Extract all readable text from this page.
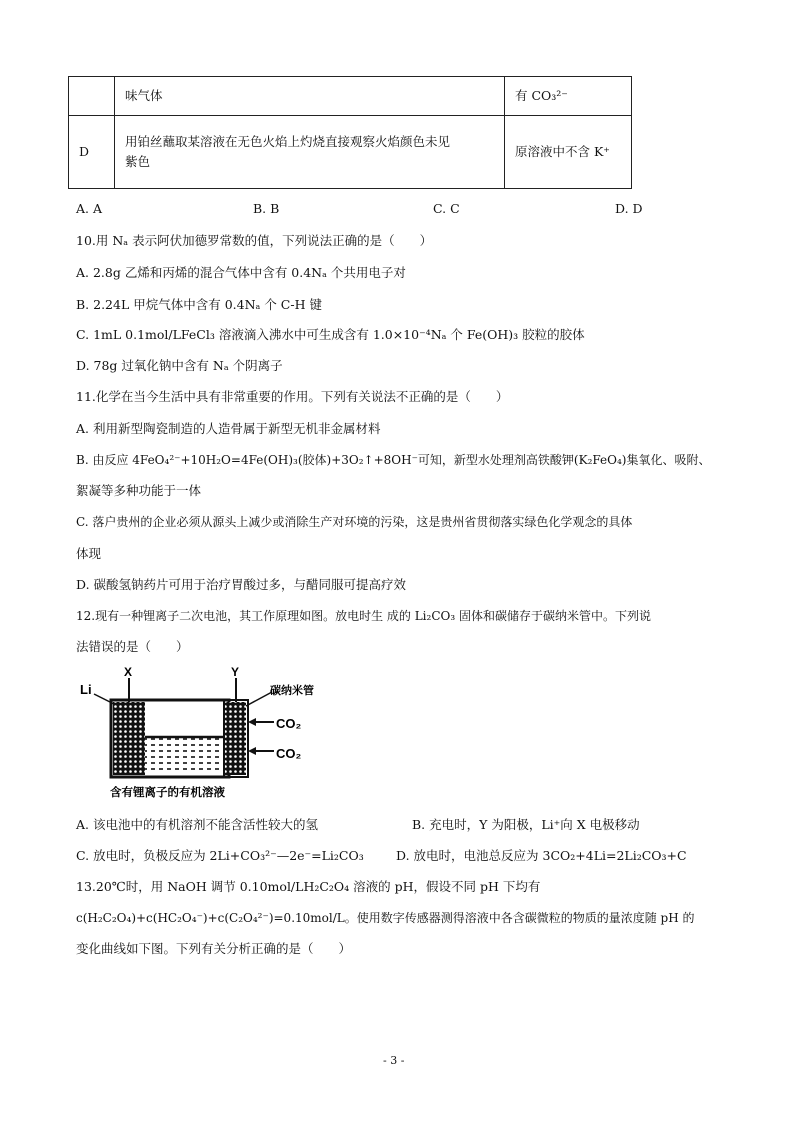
	味气体	有 CO₃²⁻
D	用铂丝蘸取某溶液在无色火焰上灼烧直接观察火焰颜色未见
紫色	原溶液中不含 K⁺
A. A	B. B	C. C	D. D
10.用 Nₐ 表示阿伏加德罗常数的值，下列说法正确的是（　　）
A. 2.8g 乙烯和丙烯的混合气体中含有 0.4Nₐ 个共用电子对
B. 2.24L 甲烷气体中含有 0.4Nₐ 个 C-H 键
C. 1mL 0.1mol/LFeCl₃ 溶液滴入沸水中可生成含有 1.0×10⁻⁴Nₐ 个 Fe(OH)₃ 胶粒的胶体
D. 78g 过氧化钠中含有 Nₐ 个阴离子
11.化学在当今生活中具有非常重要的作用。下列有关说法不正确的是（　　）
A. 利用新型陶瓷制造的人造骨属于新型无机非金属材料
B. 由反应 4FeO₄²⁻+10H₂O=4Fe(OH)₃(胶体)+3O₂↑+8OH⁻可知，新型水处理剂高铁酸钾(K₂FeO₄)集氧化、吸附、
絮凝等多种功能于一体
C. 落户贵州的企业必须从源头上减少或消除生产对环境的污染，这是贵州省贯彻落实绿色化学观念的具体
体现
D. 碳酸氢钠药片可用于治疗胃酸过多，与醋同服可提高疗效
12.现有一种锂离子二次电池，其工作原理如图。放电时生 成的 Li₂CO₃ 固体和碳储存于碳纳米管中。下列说
法错误的是（　　）
Li
X	Y
碳纳米管
CO₂
CO₂
含有锂离子的有机溶液
A. 该电池中的有机溶剂不能含活性较大的氢	B. 充电时，Y 为阳极，Li⁺向 X 电极移动
C. 放电时，负极反应为 2Li+CO₃²⁻—2e⁻=Li₂CO₃	D. 放电时，电池总反应为 3CO₂+4Li=2Li₂CO₃+C
13.20℃时，用 NaOH 调节 0.10mol/LH₂C₂O₄ 溶液的 pH，假设不同 pH 下均有
c(H₂C₂O₄)+c(HC₂O₄⁻)+c(C₂O₄²⁻)=0.10mol/L。使用数字传感器测得溶液中各含碳微粒的物质的量浓度随 pH 的
变化曲线如下图。下列有关分析正确的是（　　）
- 3 -
